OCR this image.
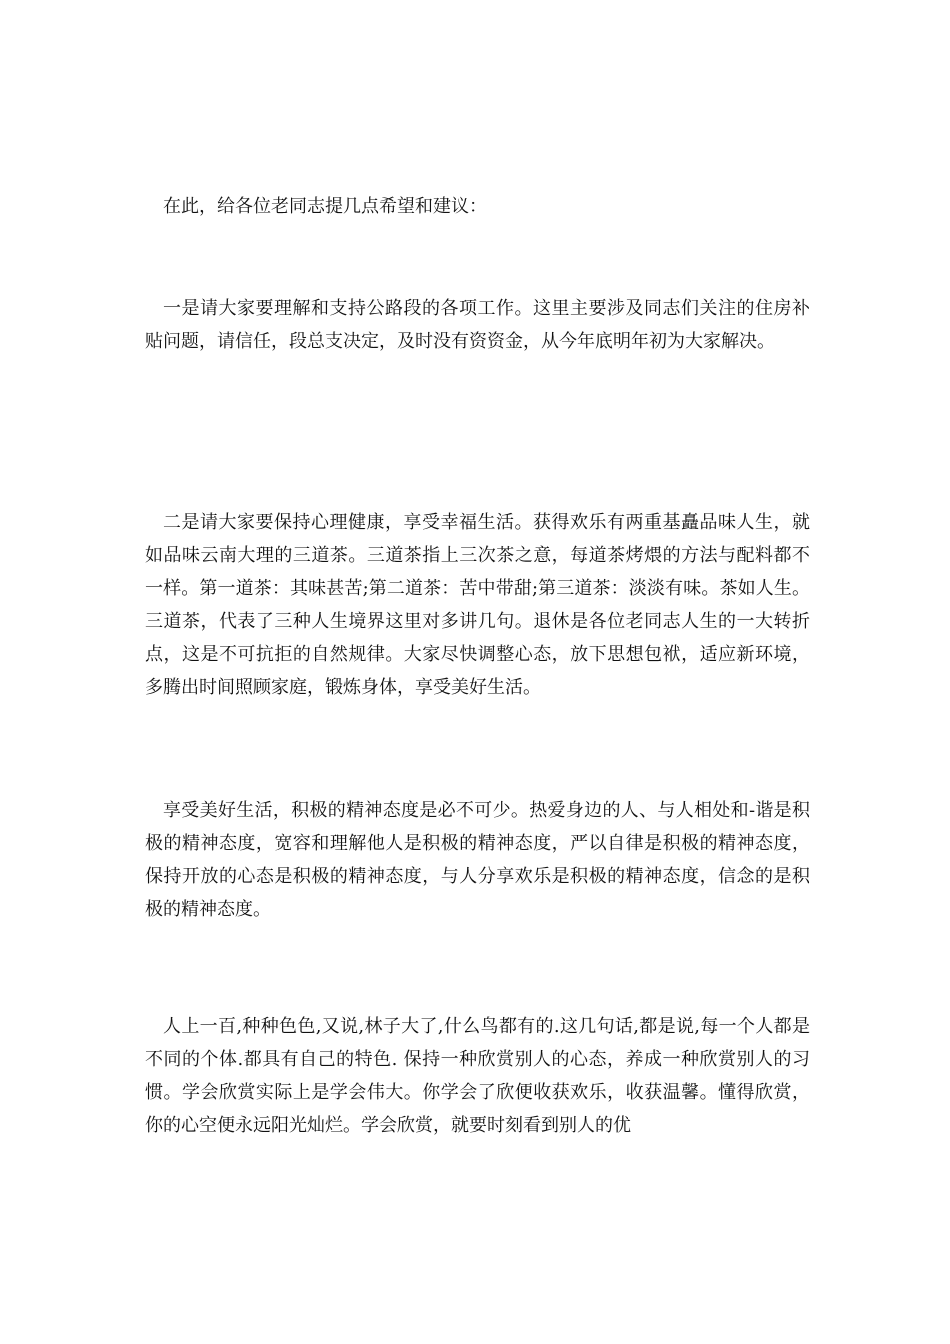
在此，给各位老同志提几点希望和建议：

一是请大家要理解和支持公路段的各项工作。这里主要涉及同志们关注的住房补贴问题，请信任，段总支决定，及时没有资资金，从今年底明年初为大家解决。

二是请大家要保持心理健康，享受幸福生活。获得欢乐有两重基矗品味人生，就如品味云南大理的三道茶。三道茶指上三次茶之意，每道茶烤煨的方法与配料都不一样。第一道茶：其味甚苦;第二道茶：苦中带甜;第三道茶：淡淡有味。茶如人生。三道茶，代表了三种人生境界这里对多讲几句。退休是各位老同志人生的一大转折点，这是不可抗拒的自然规律。大家尽快调整心态，放下思想包袱，适应新环境，多腾出时间照顾家庭，锻炼身体，享受美好生活。

享受美好生活，积极的精神态度是必不可少。热爱身边的人、与人相处和-谐是积极的精神态度，宽容和理解他人是积极的精神态度，严以自律是积极的精神态度，保持开放的心态是积极的精神态度，与人分享欢乐是积极的精神态度，信念的是积极的精神态度。

人上一百,种种色色,又说,林子大了,什么鸟都有的.这几句话,都是说,每一个人都是不同的个体.都具有自己的特色. 保持一种欣赏别人的心态，养成一种欣赏别人的习惯。学会欣赏实际上是学会伟大。你学会了欣便收获欢乐，收获温馨。懂得欣赏，你的心空便永远阳光灿烂。学会欣赏，就要时刻看到别人的优
